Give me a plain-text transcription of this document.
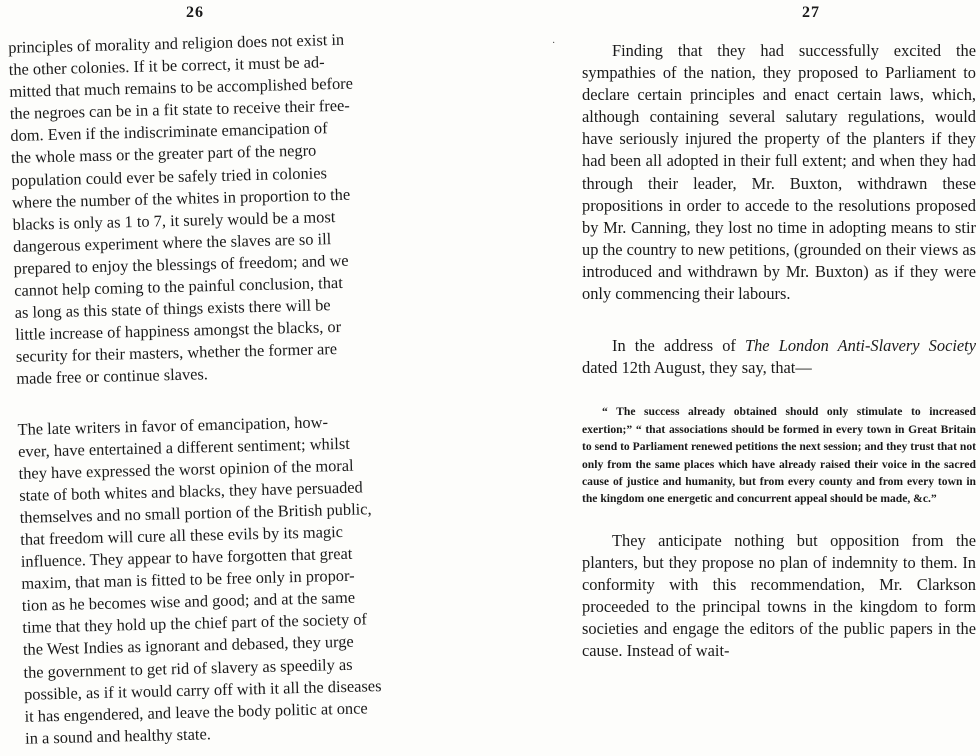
26

principles of morality and religion does not exist in
the other colonies. If it be correct, it must be ad-
mitted that much remains to be accomplished before
the negroes can be in a fit state to receive their free-
dom. Even if the indiscriminate emancipation of
the whole mass or the greater part of the negro
population could ever be safely tried in colonies
where the number of the whites in proportion to the
blacks is only as 1 to 7, it surely would be a most
dangerous experiment where the slaves are so ill
prepared to enjoy the blessings of freedom; and we
cannot help coming to the painful conclusion, that
as long as this state of things exists there will be
little increase of happiness amongst the blacks, or
security for their masters, whether the former are
made free or continue slaves.

The late writers in favor of emancipation, how-
ever, have entertained a different sentiment; whilst
they have expressed the worst opinion of the moral
state of both whites and blacks, they have persuaded
themselves and no small portion of the British public,
that freedom will cure all these evils by its magic
influence. They appear to have forgotten that great
maxim, that man is fitted to be free only in propor-
tion as he becomes wise and good; and at the same
time that they hold up the chief part of the society of
the West Indies as ignorant and debased, they urge
the government to get rid of slavery as speedily as
possible, as if it would carry off with it all the diseases
it has engendered, and leave the body politic at once
in a sound and healthy state.

27
·	Finding that they had successfully excited the sympathies of the nation, they proposed to Parliament to declare certain principles and enact certain laws, which, although containing several salutary regulations, would have seriously injured the property of the planters if they had been all adopted in their full extent; and when they had through their leader, Mr. Buxton, withdrawn these propositions in order to accede to the resolutions proposed by Mr. Canning, they lost no time in adopting means to stir up the country to new petitions, (grounded on their views as introduced and withdrawn by Mr. Buxton) as if they were only commencing their labours.

In the address of The London Anti-Slavery Society dated 12th August, they say, that—

“ The success already obtained should only stimulate to increased exertion;” “ that associations should be formed in every town in Great Britain to send to Parliament renewed petitions the next session; and they trust that not only from the same places which have already raised their voice in the sacred cause of justice and humanity, but from every county and from every town in the kingdom one energetic and concurrent appeal should be made, &c.”

They anticipate nothing but opposition from the planters, but they propose no plan of indemnity to them. In conformity with this recommendation, Mr. Clarkson proceeded to the principal towns in the kingdom to form societies and engage the editors of the public papers in the cause. Instead of wait-
